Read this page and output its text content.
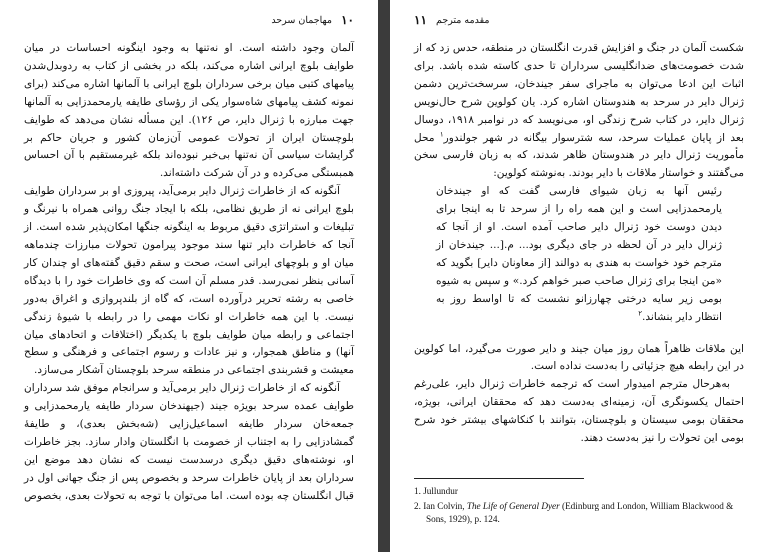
۱۰
مهاجمان سرحد

آلمان وجود داشته است. او نه‌تنها به وجود اینگونه احساسات در میان طوایف بلوچ ایرانی اشاره می‌کند، بلکه در بخشی از کتاب به ردوبدل‌شدن پیامهای کتبی میان برخی سرداران بلوچ ایرانی با آلمانها اشاره می‌کند (برای نمونه کشف پیامهای شاه‌سوار یکی از رؤسای طایفه یارمحمدزایی به آلمانها جهت مبارزه با ژنرال دایر، ص ۱۲۶). این مسأله نشان می‌دهد که طوایف بلوچستان ایران از تحولات عمومی آن‌زمان کشور و جریان حاکم بر گرایشات سیاسی آن نه‌تنها بی‌خبر نبوده‌اند بلکه غیرمستقیم با آن احساس همبستگی می‌کرده و در آن شرکت داشته‌اند.

آنگونه که از خاطرات ژنرال دایر برمی‌آید، پیروزی او بر سرداران طوایف بلوچ ایرانی نه از طریق نظامی، بلکه با ایجاد جنگ روانی همراه با نیرنگ و تبلیغات و استراتژی دقیق مربوط به اینگونه جنگها امکان‌پذیر شده است. از آنجا که خاطرات دایر تنها سند موجود پیرامون تحولات مبارزات چندماهه میان او و بلوچهای ایرانی است، صحت و سقم دقیق گفته‌های او چندان کار آسانی بنظر نمی‌رسد. قدر مسلم آن است که وی خاطرات خود را با دیدگاه خاصی به رشته تحریر درآورده است، که گاه از بلندپروازی و اغراق به‌دور نیست. با این همه خاطرات او نکات مهمی را در رابطه با شیوهٔ زندگی اجتماعی و رابطه میان طوایف بلوچ با یکدیگر (اختلافات و اتحادهای میان آنها) و مناطق همجوار، و نیز عادات و رسوم اجتماعی و فرهنگی و سطح معیشت و قشربندی اجتماعی در منطقه سرحد بلوچستان آشکار می‌سازد.

آنگونه که از خاطرات ژنرال دایر برمی‌آید و سرانجام موفق شد سرداران طوایف عمده سرحد بویژه جیند (جیهندخان سردار طایفه یارمحمدزایی و جمعه‌خان سردار طایفه اسماعیل‌زایی (شه‌بخش بعدی)، و طایفهٔ گمشادزایی را به اجتناب از خصومت با انگلستان وادار سازد. بجز خاطرات او، نوشته‌های دقیق دیگری درسدست نیست که نشان دهد موضع این سرداران بعد از پایان خاطرات سرحد و بخصوص پس از جنگ جهانی اول در قبال انگلستان چه بوده است. اما می‌توان با توجه به تحولات بعدی، بخصوص

۱۱ مقدمه مترجم

شکست آلمان در جنگ و افزایش قدرت انگلستان در منطقه، حدس زد که از شدت خصومت‌های ضدانگلیسی سرداران تا حدی کاسته شده باشد. برای اثبات این ادعا می‌توان به ماجرای سفر جیندخان، سرسخت‌ترین دشمن ژنرال دایر در سرحد به هندوستان اشاره کرد. یان کولوین شرح حال‌نویس ژنرال دایر، در کتاب شرح زندگی او، می‌نویسد که در نوامبر ۱۹۱۸، دوسال بعد از پایان عملیات سرحد، سه شترسوار بیگانه در شهر جولندور$^۱$ محل مأموریت ژنرال دایر در هندوستان ظاهر شدند، که به زبان فارسی سخن می‌گفتند و خواستار ملاقات با دایر بودند. به‌نوشته کولوین:

رئیس آنها به زبان شیوای فارسی گفت که او جیندخان یارمحمدزایی است و این همه راه را از سرحد تا به اینجا برای دیدن دوست خود ژنرال دایر صاحب آمده است. او از آنجا که ژنرال دایر در آن لحظه در جای دیگری بود... م.[... جیندخان از مترجم خود خواست به هندی به دوالند [از معاونان دایر] بگوید که «من اینجا برای ژنرال صاحب صبر خواهم کرد.» و سپس به شیوه بومی زیر سایه درختی چهارزانو نشست که تا اواسط روز به انتظار دایر بنشاند.$^۲$

این ملاقات ظاهراً همان روز میان جیند و دایر صورت می‌گیرد، اما کولوین در این رابطه هیچ جزئیاتی را به‌دست نداده است.

به‌هرحال مترجم امیدوار است که ترجمه خاطرات ژنرال دایر، علی‌رغم احتمال یکسونگری آن، زمینه‌ای به‌دست دهد که محققان ایرانی، بویژه، محققان بومی سیستان و بلوچستان، بتوانند با کنکاشهای بیشتر خود شرح بومی این تحولات را نیز به‌دست دهند.

1. Jullundur
2. Ian Colvin, The Life of General Dyer (Edinburg and London, William Blackwood & Sons, 1929), p. 124.
